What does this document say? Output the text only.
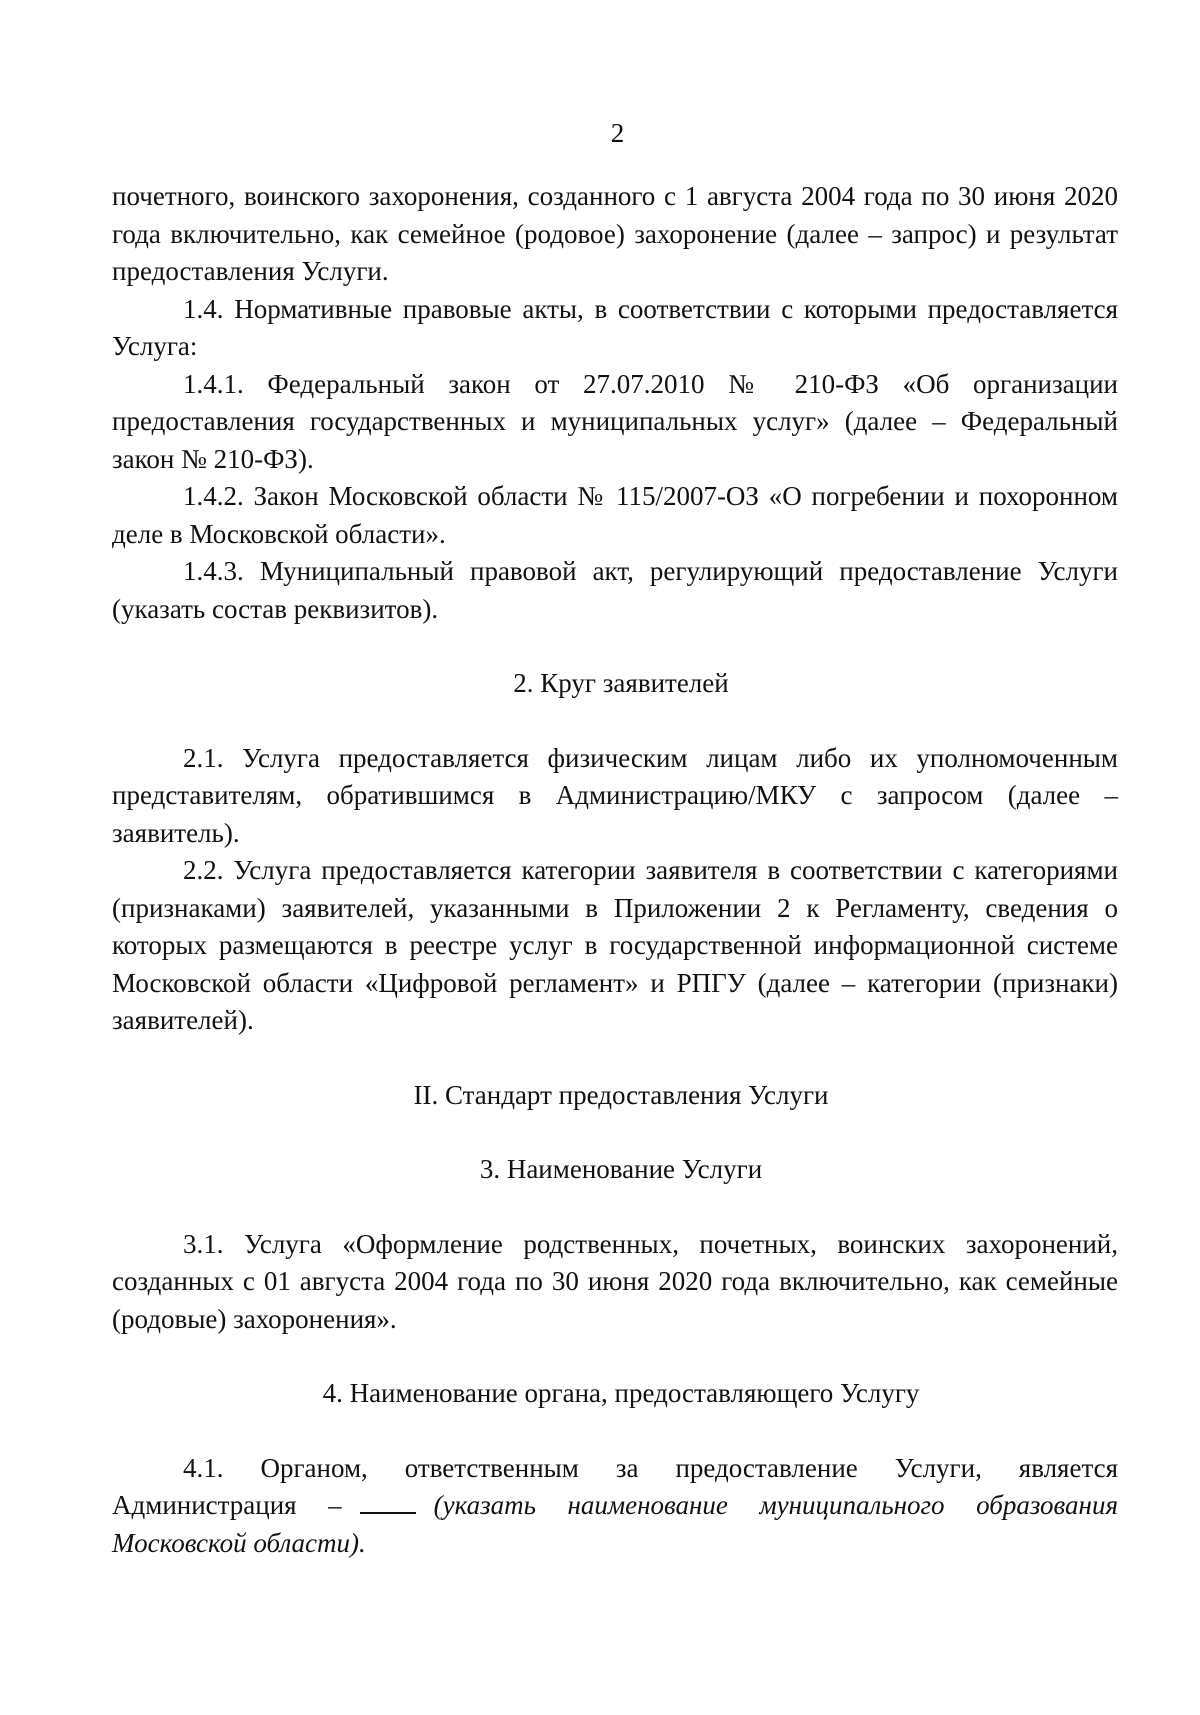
2

почетного, воинского захоронения, созданного с 1 августа 2004 года по 30 июня 2020 года включительно, как семейное (родовое) захоронение (далее – запрос) и результат предоставления Услуги.

1.4. Нормативные правовые акты, в соответствии с которыми предоставляется Услуга:

1.4.1. Федеральный закон от 27.07.2010 № 210-ФЗ «Об организации предоставления государственных и муниципальных услуг» (далее – Федеральный закон № 210-ФЗ).

1.4.2. Закон Московской области № 115/2007-ОЗ «О погребении и похоронном деле в Московской области».

1.4.3. Муниципальный правовой акт, регулирующий предоставление Услуги (указать состав реквизитов).

2. Круг заявителей

2.1. Услуга предоставляется физическим лицам либо их уполномоченным представителям, обратившимся в Администрацию/МКУ с запросом (далее – заявитель).

2.2. Услуга предоставляется категории заявителя в соответствии с категориями (признаками) заявителей, указанными в Приложении 2 к Регламенту, сведения о которых размещаются в реестре услуг в государственной информационной системе Московской области «Цифровой регламент» и РПГУ (далее – категории (признаки) заявителей).

II. Стандарт предоставления Услуги

3. Наименование Услуги

3.1. Услуга «Оформление родственных, почетных, воинских захоронений, созданных с 01 августа 2004 года по 30 июня 2020 года включительно, как семейные (родовые) захоронения».

4. Наименование органа, предоставляющего Услугу

4.1. Органом, ответственным за предоставление Услуги, является Администрация –	(указать наименование муниципального образования Московской области).
